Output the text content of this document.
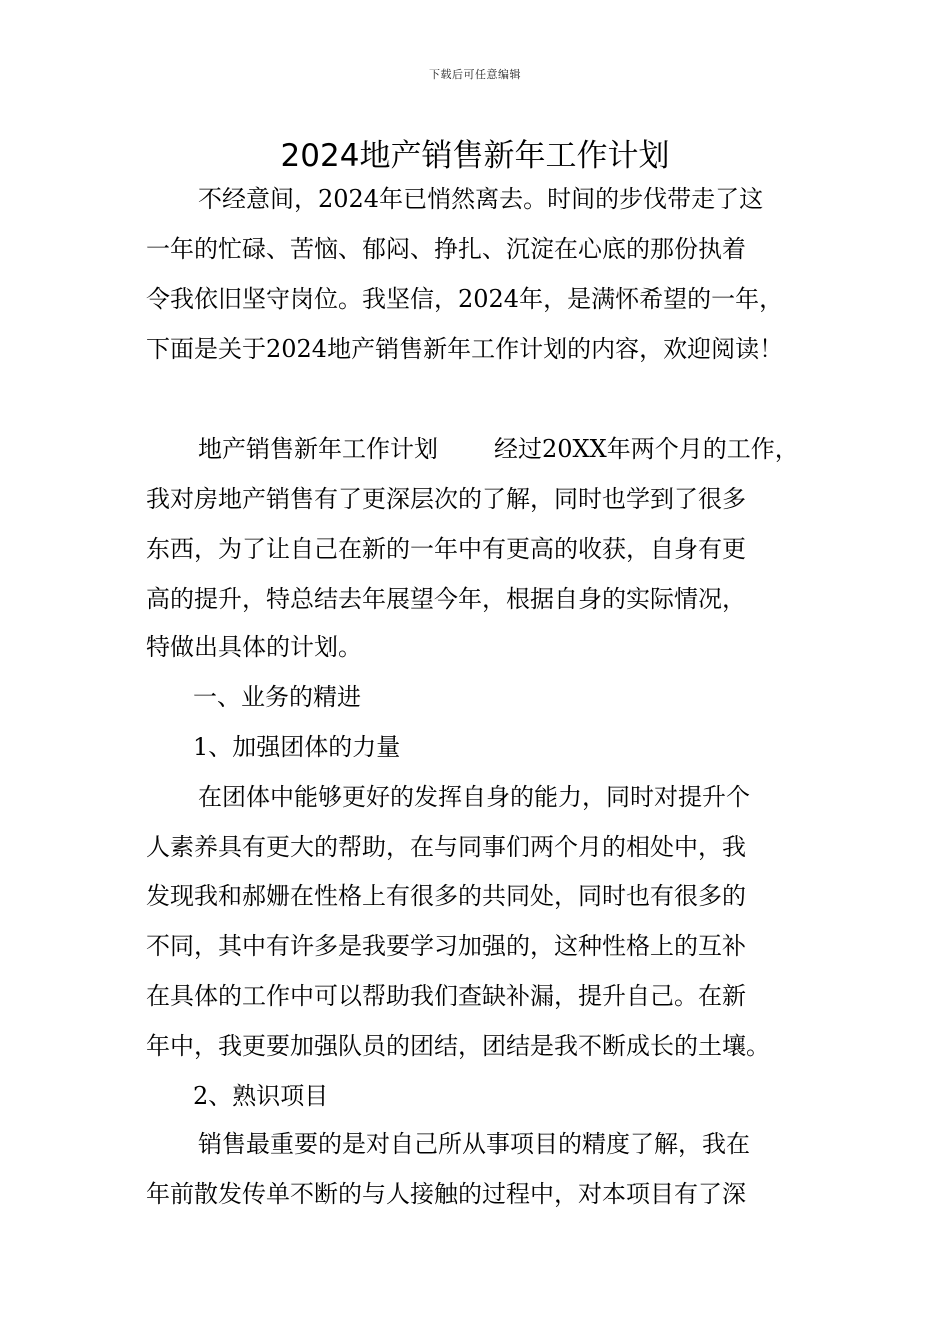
下载后可任意编辑
2024地产销售新年工作计划

不经意间，2024年已悄然离去。时间的步伐带走了这

一年的忙碌、苦恼、郁闷、挣扎、沉淀在心底的那份执着

令我依旧坚守岗位。我坚信，2024年，是满怀希望的一年，

下面是关于2024地产销售新年工作计划的内容，欢迎阅读！

地产销售新年工作计划 经过20XX年两个月的工作，

我对房地产销售有了更深层次的了解，同时也学到了很多

东西，为了让自己在新的一年中有更高的收获，自身有更

高的提升，特总结去年展望今年，根据自身的实际情况，

特做出具体的计划。

一、业务的精进

1、加强团体的力量

在团体中能够更好的发挥自身的能力，同时对提升个

人素养具有更大的帮助，在与同事们两个月的相处中，我

发现我和郝姗在性格上有很多的共同处，同时也有很多的

不同，其中有许多是我要学习加强的，这种性格上的互补

在具体的工作中可以帮助我们查缺补漏，提升自己。在新

年中，我更要加强队员的团结，团结是我不断成长的土壤。

2、熟识项目

销售最重要的是对自己所从事项目的精度了解，我在

年前散发传单不断的与人接触的过程中，对本项目有了深
